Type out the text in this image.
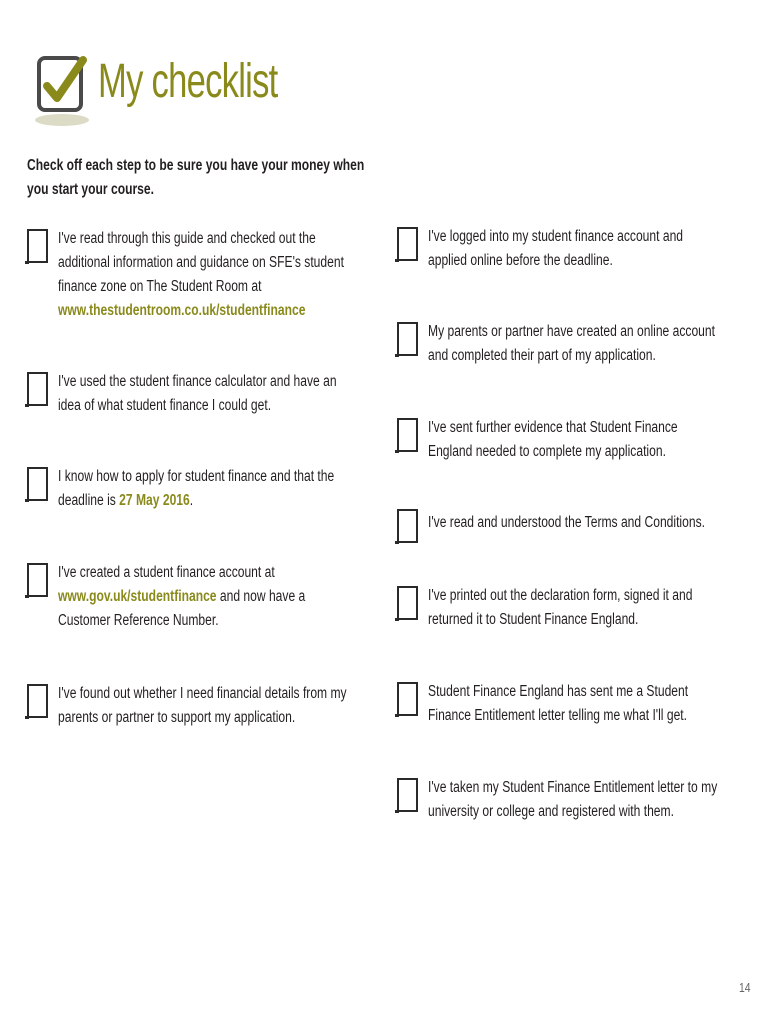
My checklist
Check off each step to be sure you have your money when you start your course.
I've read through this guide and checked out the additional information and guidance on SFE's student finance zone on The Student Room at www.thestudentroom.co.uk/studentfinance
I've used the student finance calculator and have an idea of what student finance I could get.
I know how to apply for student finance and that the deadline is 27 May 2016.
I've created a student finance account at www.gov.uk/studentfinance and now have a Customer Reference Number.
I've found out whether I need financial details from my parents or partner to support my application.
I've logged into my student finance account and applied online before the deadline.
My parents or partner have created an online account and completed their part of my application.
I've sent further evidence that Student Finance England needed to complete my application.
I've read and understood the Terms and Conditions.
I've printed out the declaration form, signed it and returned it to Student Finance England.
Student Finance England has sent me a Student Finance Entitlement letter telling me what I'll get.
I've taken my Student Finance Entitlement letter to my university or college and registered with them.
14
